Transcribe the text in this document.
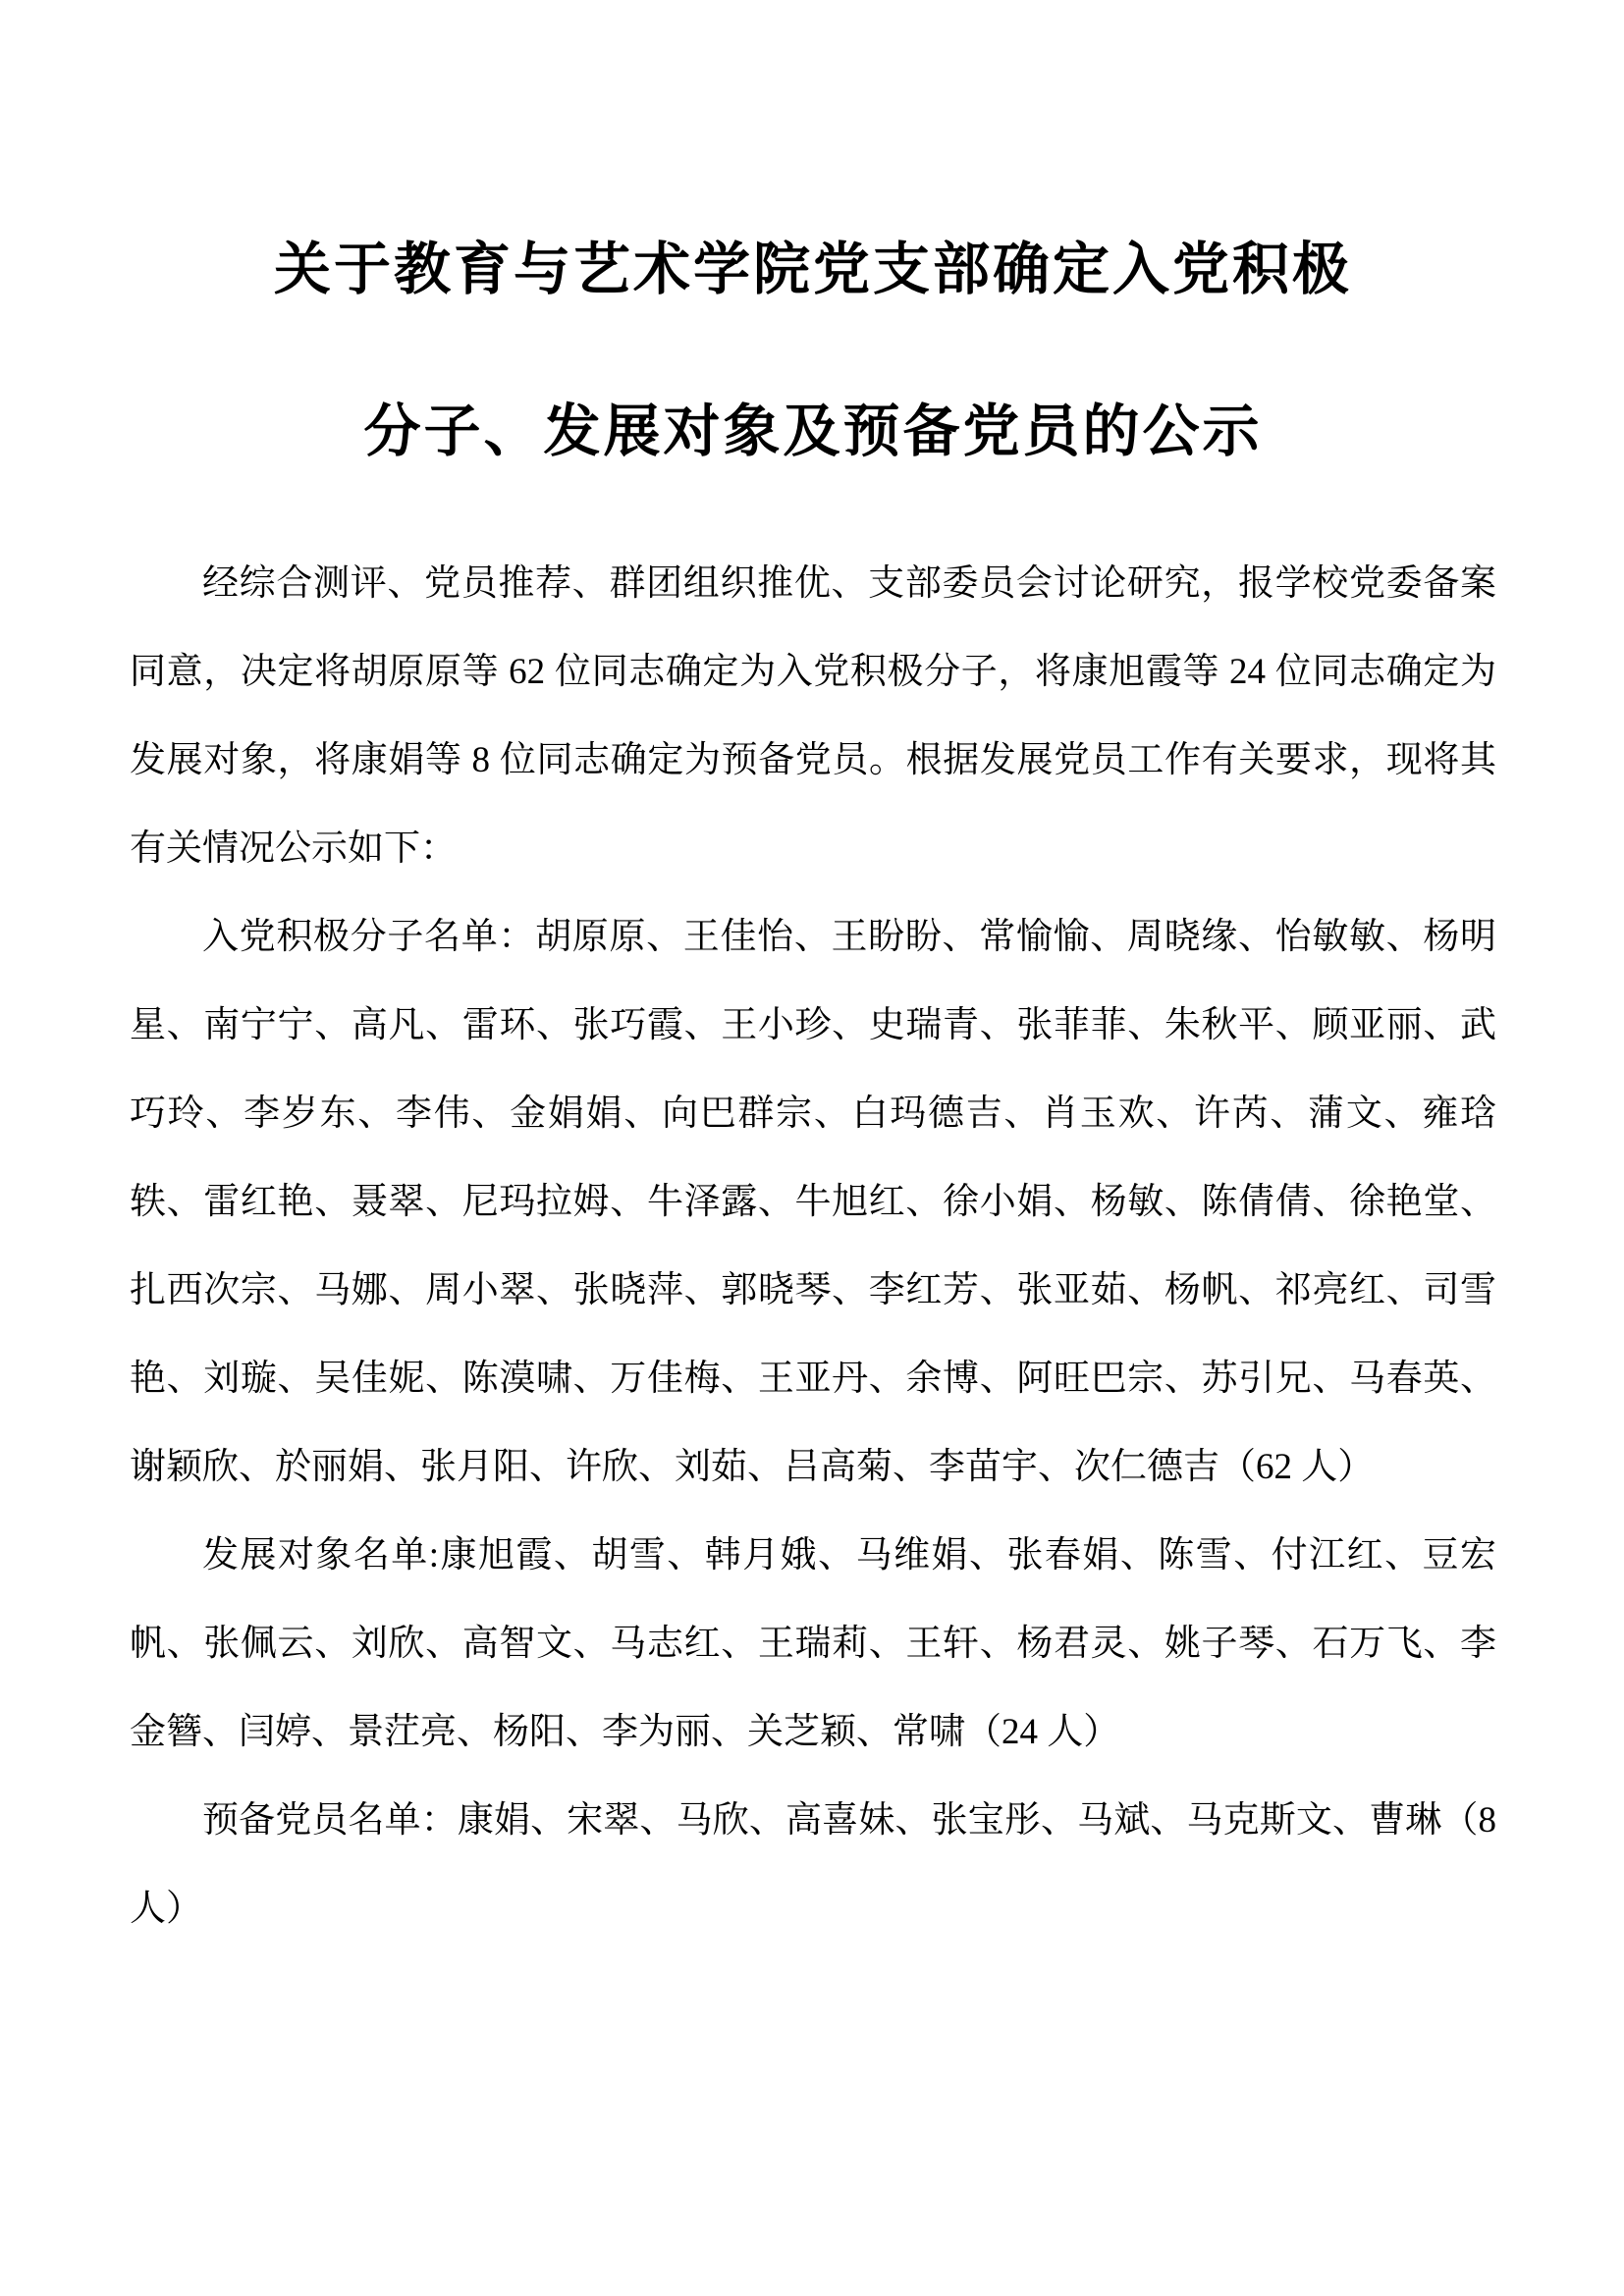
关于教育与艺术学院党支部确定入党积极
分子、发展对象及预备党员的公示

经综合测评、党员推荐、群团组织推优、支部委员会讨论研究，报学校党委备案同意，决定将胡原原等 62 位同志确定为入党积极分子，将康旭霞等 24 位同志确定为发展对象，将康娟等 8 位同志确定为预备党员。根据发展党员工作有关要求，现将其有关情况公示如下：

入党积极分子名单：胡原原、王佳怡、王盼盼、常愉愉、周晓缘、怡敏敏、杨明星、南宁宁、高凡、雷环、张巧霞、王小珍、史瑞青、张菲菲、朱秋平、顾亚丽、武巧玲、李岁东、李伟、金娟娟、向巴群宗、白玛德吉、肖玉欢、许芮、蒲文、雍琀轶、雷红艳、聂翠、尼玛拉姆、牛泽露、牛旭红、徐小娟、杨敏、陈倩倩、徐艳堂、扎西次宗、马娜、周小翠、张晓萍、郭晓琴、李红芳、张亚茹、杨帆、祁亮红、司雪艳、刘璇、吴佳妮、陈漠啸、万佳梅、王亚丹、余博、阿旺巴宗、苏引兄、马春英、谢颖欣、於丽娟、张月阳、许欣、刘茹、吕高菊、李苗宇、次仁德吉（62 人）

发展对象名单:康旭霞、胡雪、韩月娥、马维娟、张春娟、陈雪、付江红、豆宏帆、张佩云、刘欣、高智文、马志红、王瑞莉、王轩、杨君灵、姚子琴、石万飞、李金簪、闫婷、景茳亮、杨阳、李为丽、关芝颖、常啸（24 人）

预备党员名单：康娟、宋翠、马欣、高喜妹、张宝彤、马斌、马克斯文、曹琳（8 人）
